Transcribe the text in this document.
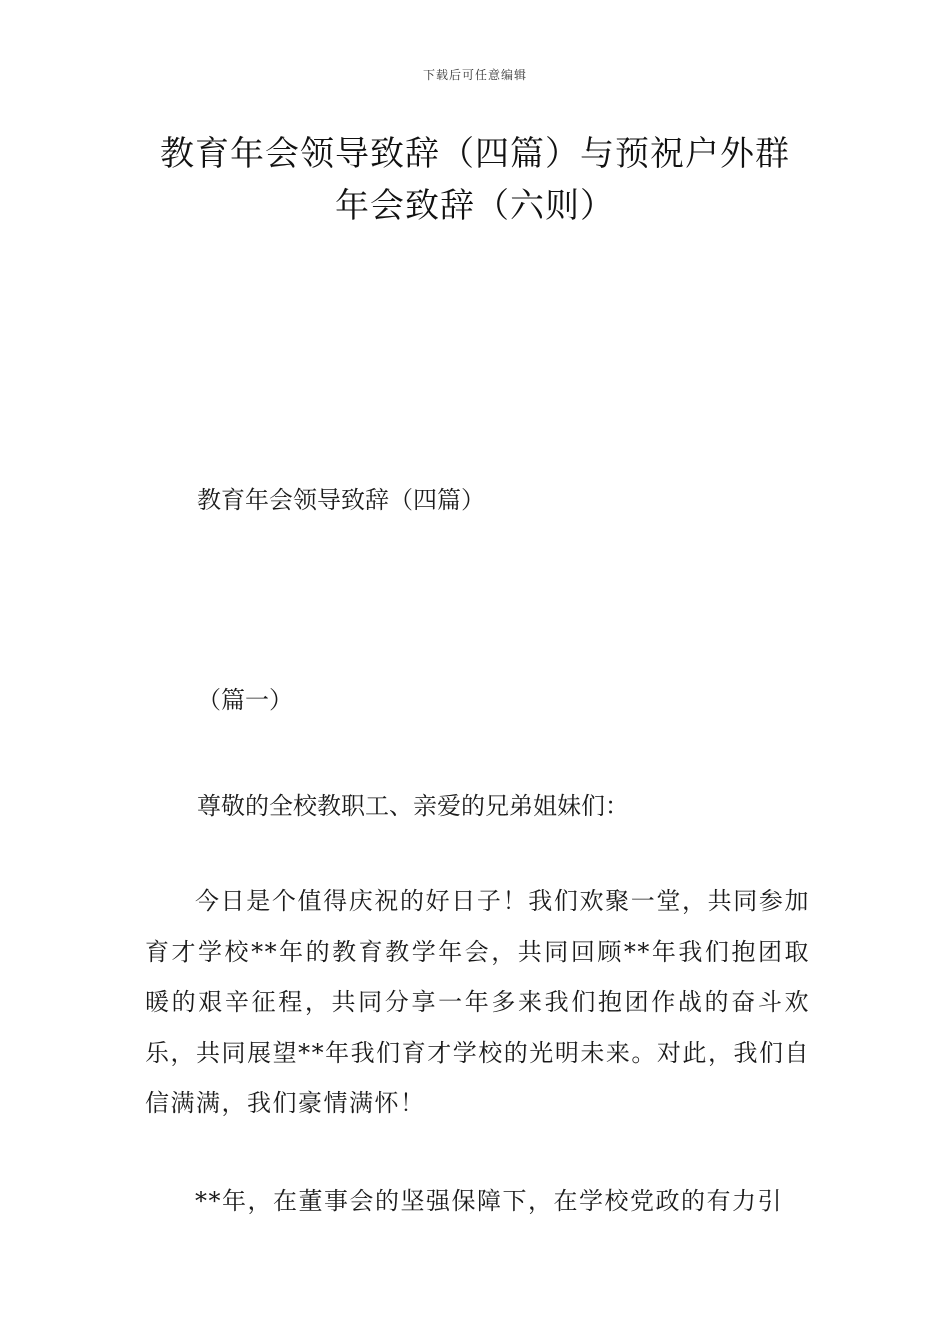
下载后可任意编辑
教育年会领导致辞（四篇）与预祝户外群
年会致辞（六则）
教育年会领导致辞（四篇）
（篇一）
尊敬的全校教职工、亲爱的兄弟姐妹们：
今日是个值得庆祝的好日子！我们欢聚一堂，共同参加育才学校**年的教育教学年会，共同回顾**年我们抱团取暖的艰辛征程，共同分享一年多来我们抱团作战的奋斗欢乐，共同展望**年我们育才学校的光明未来。对此，我们自信满满，我们豪情满怀！
**年，在董事会的坚强保障下，在学校党政的有力引
